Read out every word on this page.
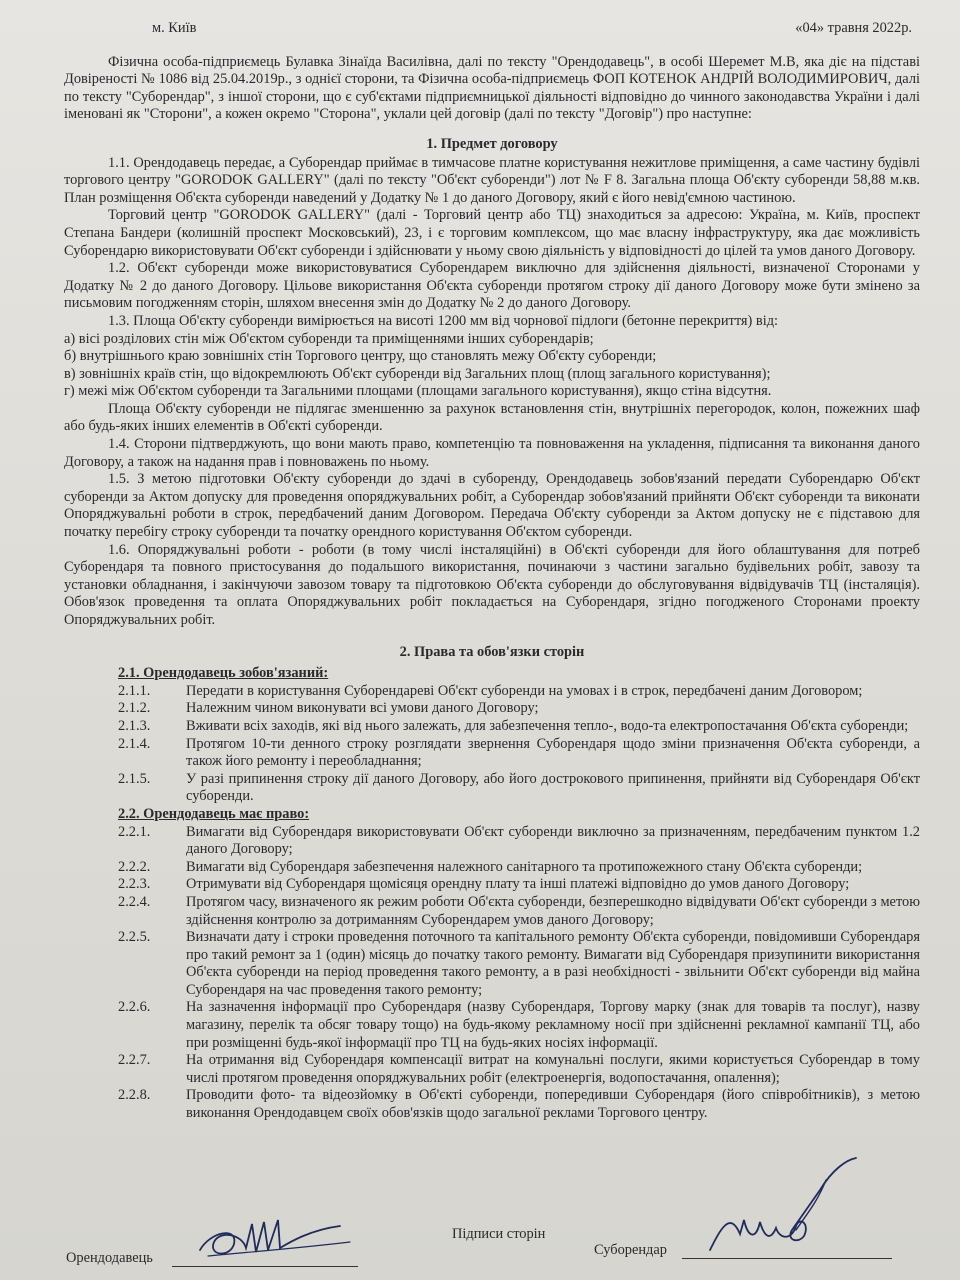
м. Київ	«04» травня 2022р.

Фізична особа-підприємець Булавка Зінаїда Василівна, далі по тексту "Орендодавець", в особі Шеремет М.В, яка діє на підставі Довіреності № 1086 від 25.04.2019р., з однієї сторони, та Фізична особа-підприємець ФОП КОТЕНОК АНДРІЙ ВОЛОДИМИРОВИЧ, далі по тексту "Суборендар", з іншої сторони, що є суб'єктами підприємницької діяльності відповідно до чинного законодавства України і далі іменовані як "Сторони", а кожен окремо "Сторона", уклали цей договір (далі по тексту "Договір") про наступне:

1. Предмет договору

1.1. Орендодавець передає, а Суборендар приймає в тимчасове платне користування нежитлове приміщення, а саме частину будівлі торгового центру "GORODOK GALLERY" (далі по тексту "Об'єкт суборенди") лот № F 8. Загальна площа Об'єкту суборенди 58,88 м.кв. План розміщення Об'єкта суборенди наведений у Додатку № 1 до даного Договору, який є його невід'ємною частиною.

Торговий центр "GORODOK GALLERY" (далі - Торговий центр або ТЦ) знаходиться за адресою: Україна, м. Київ, проспект Степана Бандери (колишній проспект Московський), 23, і є торговим комплексом, що має власну інфраструктуру, яка дає можливість Суборендарю використовувати Об'єкт суборенди і здійснювати у ньому свою діяльність у відповідності до цілей та умов даного Договору.

1.2. Об'єкт суборенди може використовуватися Суборендарем виключно для здійснення діяльності, визначеної Сторонами у Додатку № 2 до даного Договору. Цільове використання Об'єкта суборенди протягом строку дії даного Договору може бути змінено за письмовим погодженням сторін, шляхом внесення змін до Додатку № 2 до даного Договору.

1.3. Площа Об'єкту суборенди вимірюється на висоті 1200 мм від чорнової підлоги (бетонне перекриття) від:

а) вісі розділових стін між Об'єктом суборенди та приміщеннями інших суборендарів;

б) внутрішнього краю зовнішніх стін Торгового центру, що становлять межу Об'єкту суборенди;

в) зовнішніх країв стін, що відокремлюють Об'єкт суборенди від Загальних площ (площ загального користування);

г) межі між Об'єктом суборенди та Загальними площами (площами загального користування), якщо стіна відсутня.

Площа Об'єкту суборенди не підлягає зменшенню за рахунок встановлення стін, внутрішніх перегородок, колон, пожежних шаф або будь-яких інших елементів в Об'єкті суборенди.

1.4. Сторони підтверджують, що вони мають право, компетенцію та повноваження на укладення, підписання та виконання даного Договору, а також на надання прав і повноважень по ньому.

1.5. З метою підготовки Об'єкту суборенди до здачі в суборенду, Орендодавець зобов'язаний передати Суборендарю Об'єкт суборенди за Актом допуску для проведення опоряджувальних робіт, а Суборендар зобов'язаний прийняти Об'єкт суборенди та виконати Опоряджувальні роботи в строк, передбачений даним Договором. Передача Об'єкту суборенди за Актом допуску не є підставою для початку перебігу строку суборенди та початку орендного користування Об'єктом суборенди.

1.6. Опоряджувальні роботи - роботи (в тому числі інсталяційні) в Об'єкті суборенди для його облаштування для потреб Суборендаря та повного пристосування до подальшого використання, починаючи з частини загально будівельних робіт, завозу та установки обладнання, і закінчуючи завозом товару та підготовкою Об'єкта суборенди до обслуговування відвідувачів ТЦ (інсталяція). Обов'язок проведення та оплата Опоряджувальних робіт покладається на Суборендаря, згідно погодженого Сторонами проекту Опоряджувальних робіт.

2. Права та обов'язки сторін

2.1. Орендодавець зобов'язаний:

2.1.1.	Передати в користування Суборендареві Об'єкт суборенди на умовах і в строк, передбачені даним Договором;
2.1.2.	Належним чином виконувати всі умови даного Договору;
2.1.3.	Вживати всіх заходів, які від нього залежать, для забезпечення тепло-, водо-та електропостачання Об'єкта суборенди;
2.1.4.	Протягом 10-ти денного строку розглядати звернення Суборендаря щодо зміни призначення Об'єкта суборенди, а також його ремонту і переобладнання;
2.1.5.	У разі припинення строку дії даного Договору, або його дострокового припинення, прийняти від Суборендаря Об'єкт суборенди.

2.2. Орендодавець має право:

2.2.1.	Вимагати від Суборендаря використовувати Об'єкт суборенди виключно за призначенням, передбаченим пунктом 1.2 даного Договору;
2.2.2.	Вимагати від Суборендаря забезпечення належного санітарного та протипожежного стану Об'єкта суборенди;
2.2.3.	Отримувати від Суборендаря щомісяця орендну плату та інші платежі відповідно до умов даного Договору;
2.2.4.	Протягом часу, визначеного як режим роботи Об'єкта суборенди, безперешкодно відвідувати Об'єкт суборенди з метою здійснення контролю за дотриманням Суборендарем умов даного Договору;
2.2.5.	Визначати дату і строки проведення поточного та капітального ремонту Об'єкта суборенди, повідомивши Суборендаря про такий ремонт за 1 (один) місяць до початку такого ремонту. Вимагати від Суборендаря призупинити використання Об'єкта суборенди на період проведення такого ремонту, а в разі необхідності - звільнити Об'єкт суборенди від майна Суборендаря на час проведення такого ремонту;
2.2.6.	На зазначення інформації про Суборендаря (назву Суборендаря, Торгову марку (знак для товарів та послуг), назву магазину, перелік та обсяг товару тощо) на будь-якому рекламному носії при здійсненні рекламної кампанії ТЦ, або при розміщенні будь-якої інформації про ТЦ на будь-яких носіях інформації.
2.2.7.	На отримання від Суборендаря компенсації витрат на комунальні послуги, якими користується Суборендар в тому числі протягом проведення опоряджувальних робіт (електроенергія, водопостачання, опалення);
2.2.8.	Проводити фото- та відеозйомку в Об'єкті суборенди, попередивши Суборендаря (його співробітників), з метою виконання Орендодавцем своїх обов'язків щодо загальної реклами Торгового центру.
Підписи сторін
Орендодавець	Суборендар
